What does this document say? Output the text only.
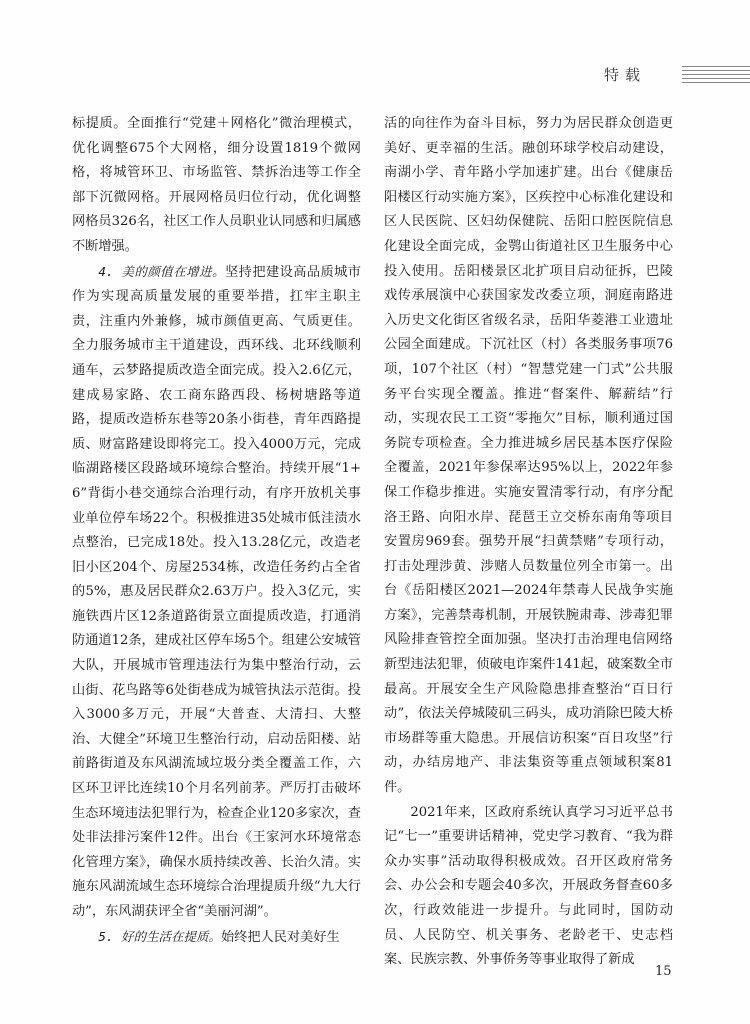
特载

标提质。全面推行“党建＋网格化”微治理模式，优化调整675个大网格，细分设置1819个微网格，将城管环卫、市场监管、禁拆治违等工作全部下沉微网格。开展网格员归位行动，优化调整网格员326名，社区工作人员职业认同感和归属感不断增强。

4. 美的颜值在增进。坚持把建设高品质城市作为实现高质量发展的重要举措，扛牢主职主责，注重内外兼修，城市颜值更高、气质更佳。全力服务城市主干道建设，西环线、北环线顺利通车，云梦路提质改造全面完成。投入2.6亿元，建成易家路、农工商东路西段、杨树塘路等道路，提质改造桥东巷等20条小街巷，青年西路提质、财富路建设即将完工。投入4000万元，完成临湖路楼区段路域环境综合整治。持续开展“1+6”背街小巷交通综合治理行动，有序开放机关事业单位停车场22个。积极推进35处城市低洼渍水点整治，已完成18处。投入13.28亿元，改造老旧小区204个、房屋2534栋，改造任务约占全省的5%，惠及居民群众2.63万户。投入3亿元，实施铁西片区12条道路街景立面提质改造，打通消防通道12条，建成社区停车场5个。组建公安城管大队，开展城市管理违法行为集中整治行动，云山街、花鸟路等6处街巷成为城管执法示范街。投入3000多万元，开展“大普查、大清扫、大整治、大健全”环境卫生整治行动，启动岳阳楼、站前路街道及东风湖流域垃圾分类全覆盖工作，六区环卫评比连续10个月名列前茅。严厉打击破坏生态环境违法犯罪行为，检查企业120多家次，查处非法排污案件12件。出台《王家河水环境常态化管理方案》，确保水质持续改善、长治久清。实施东风湖流域生态环境综合治理提质升级“九大行动”，东风湖获评全省“美丽河湖”。

5. 好的生活在提质。始终把人民对美好生

活的向往作为奋斗目标，努力为居民群众创造更美好、更幸福的生活。融创环球学校启动建设，南湖小学、青年路小学加速扩建。出台《健康岳阳楼区行动实施方案》，区疾控中心标准化建设和区人民医院、区妇幼保健院、岳阳口腔医院信息化建设全面完成，金鹗山街道社区卫生服务中心投入使用。岳阳楼景区北扩项目启动征拆，巴陵戏传承展演中心获国家发改委立项，洞庭南路进入历史文化街区省级名录，岳阳华菱港工业遗址公园全面建成。下沉社区（村）各类服务事项76项，107个社区（村）“智慧党建一门式”公共服务平台实现全覆盖。推进“督案件、解薪结”行动，实现农民工工资“零拖欠”目标，顺利通过国务院专项检查。全力推进城乡居民基本医疗保险全覆盖，2021年参保率达95%以上，2022年参保工作稳步推进。实施安置清零行动，有序分配洛王路、向阳水岸、琵琶王立交桥东南角等项目安置房969套。强势开展“扫黄禁赌”专项行动，打击处理涉黄、涉赌人员数量位列全市第一。出台《岳阳楼区2021—2024年禁毒人民战争实施方案》，完善禁毒机制，开展铁腕肃毒、涉毒犯罪风险排查管控全面加强。坚决打击治理电信网络新型违法犯罪，侦破电诈案件141起，破案数全市最高。开展安全生产风险隐患排查整治“百日行动”，依法关停城陵矶三码头，成功消除巴陵大桥市场群等重大隐患。开展信访积案“百日攻坚”行动，办结房地产、非法集资等重点领域积案81件。

2021年来，区政府系统认真学习习近平总书记“七一”重要讲话精神，党史学习教育、“我为群众办实事”活动取得积极成效。召开区政府常务会、办公会和专题会40多次，开展政务督查60多次，行政效能进一步提升。与此同时，国防动员、人民防空、机关事务、老龄老干、史志档案、民族宗教、外事侨务等事业取得了新成

15
